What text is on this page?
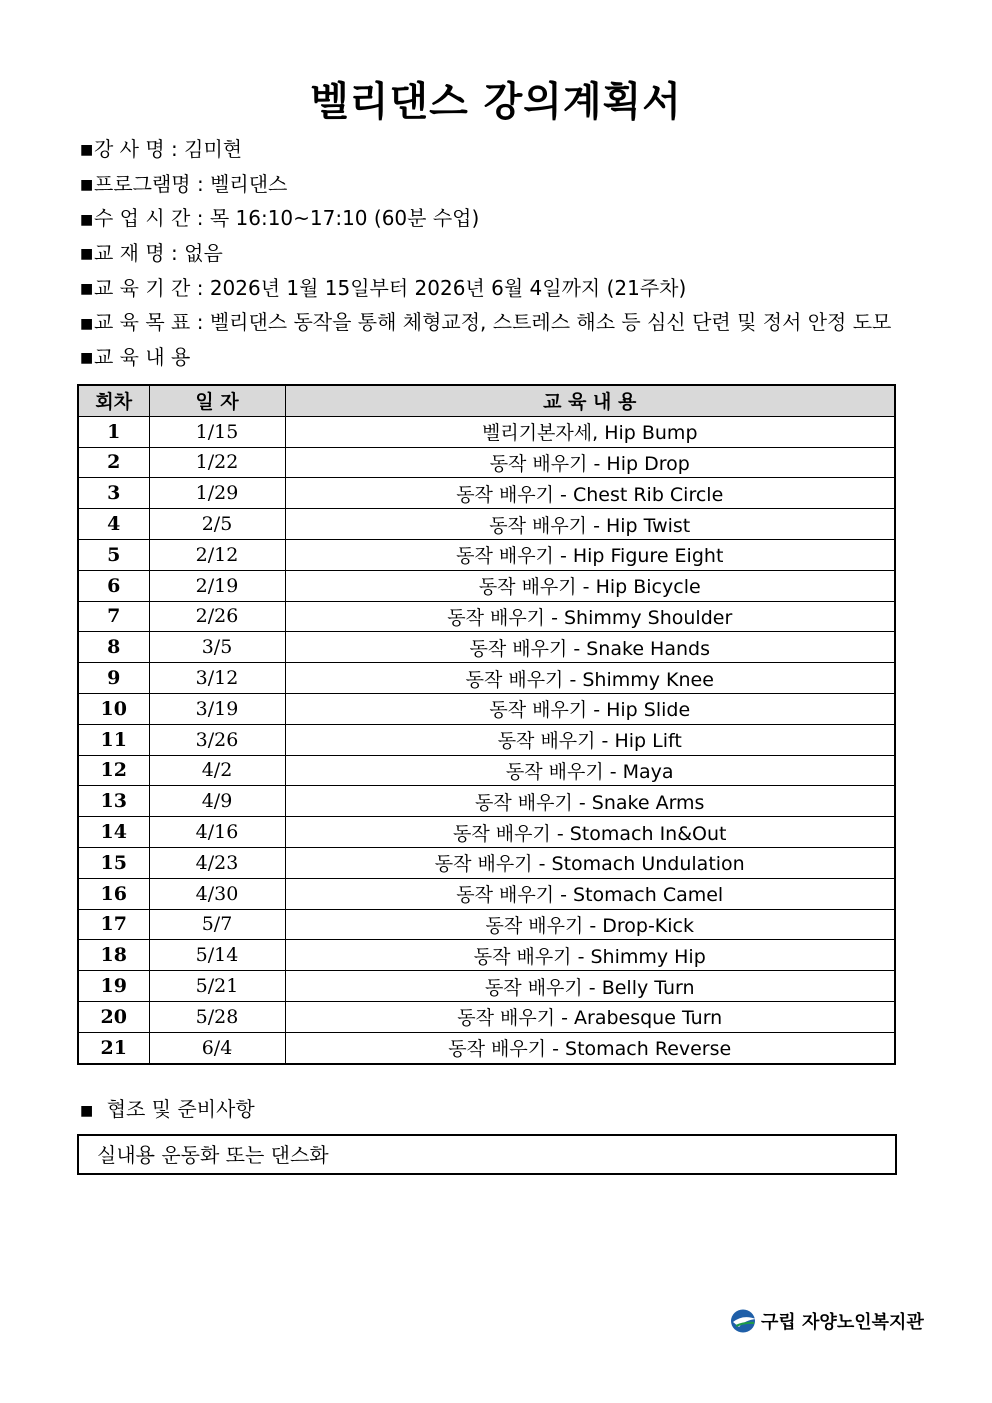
벨리댄스 강의계획서
■강 사 명 : 김미현
■프로그램명 : 벨리댄스
■수 업 시 간 : 목 16:10~17:10 (60분 수업)
■교 재 명 : 없음
■교 육 기 간 : 2026년 1월 15일부터 2026년 6월 4일까지 (21주차)
■교 육 목 표 : 벨리댄스 동작을 통해 체형교정, 스트레스 해소 등 심신 단련 및 정서 안정 도모
■교 육 내 용
회차	일 자	교 육 내 용
1	1/15	벨리기본자세, Hip Bump
2	1/22	동작 배우기 - Hip Drop
3	1/29	동작 배우기 - Chest Rib Circle
4	2/5	동작 배우기 - Hip Twist
5	2/12	동작 배우기 - Hip Figure Eight
6	2/19	동작 배우기 - Hip Bicycle
7	2/26	동작 배우기 - Shimmy Shoulder
8	3/5	동작 배우기 - Snake Hands
9	3/12	동작 배우기 - Shimmy Knee
10	3/19	동작 배우기 - Hip Slide
11	3/26	동작 배우기 - Hip Lift
12	4/2	동작 배우기 - Maya
13	4/9	동작 배우기 - Snake Arms
14	4/16	동작 배우기 - Stomach In&Out
15	4/23	동작 배우기 - Stomach Undulation
16	4/30	동작 배우기 - Stomach Camel
17	5/7	동작 배우기 - Drop-Kick
18	5/14	동작 배우기 - Shimmy Hip
19	5/21	동작 배우기 - Belly Turn
20	5/28	동작 배우기 - Arabesque Turn
21	6/4	동작 배우기 - Stomach Reverse
■ 협조 및 준비사항
실내용 운동화 또는 댄스화
구립 자양노인복지관
